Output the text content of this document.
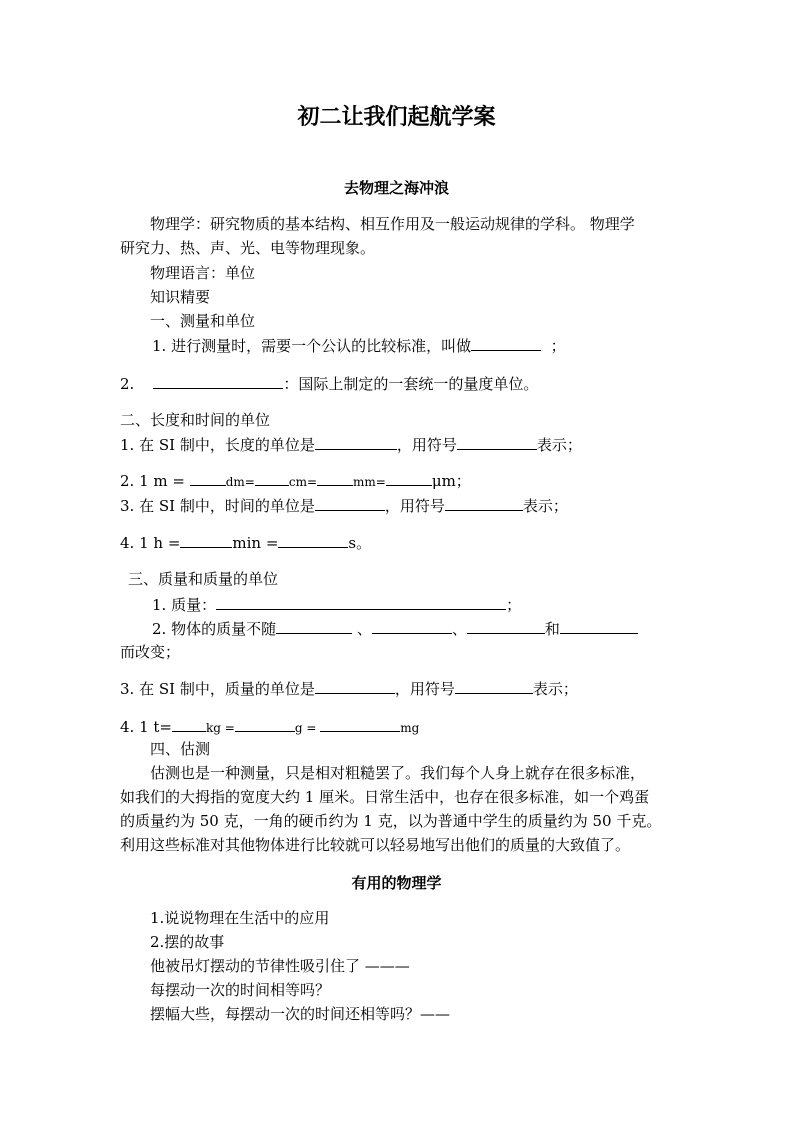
初二让我们起航学案
去物理之海冲浪
物理学：研究物质的基本结构、相互作用及一般运动规律的学科。 物理学
研究力、热、声、光、电等物理现象。
物理语言：单位
知识精要
一、测量和单位
1. 进行测量时，需要一个公认的比较标准，叫做	；
2.	：国际上制定的一套统一的量度单位。
二、长度和时间的单位
1. 在 SI 制中，长度的单位是	，用符号	表示；
2. 1 m =	dm=	cm=	mm=	μm；
3. 在 SI 制中，时间的单位是	，用符号	表示；
4. 1 h =	min =	s。
三、质量和质量的单位
1. 质量：	；
2. 物体的质量不随	、	、	和
而改变；
3. 在 SI 制中，质量的单位是	，用符号	表示；
4. 1 t=	kg =	g =	mg
四、估测
估测也是一种测量，只是相对粗糙罢了。我们每个人身上就存在很多标准，
如我们的大拇指的宽度大约 1 厘米。日常生活中，也存在很多标准，如一个鸡蛋
的质量约为 50 克，一角的硬币约为 1 克，以为普通中学生的质量约为 50 千克。
利用这些标准对其他物体进行比较就可以轻易地写出他们的质量的大致值了。
有用的物理学
1.说说物理在生活中的应用
2.摆的故事
他被吊灯摆动的节律性吸引住了 ———
每摆动一次的时间相等吗？
摆幅大些，每摆动一次的时间还相等吗？——
